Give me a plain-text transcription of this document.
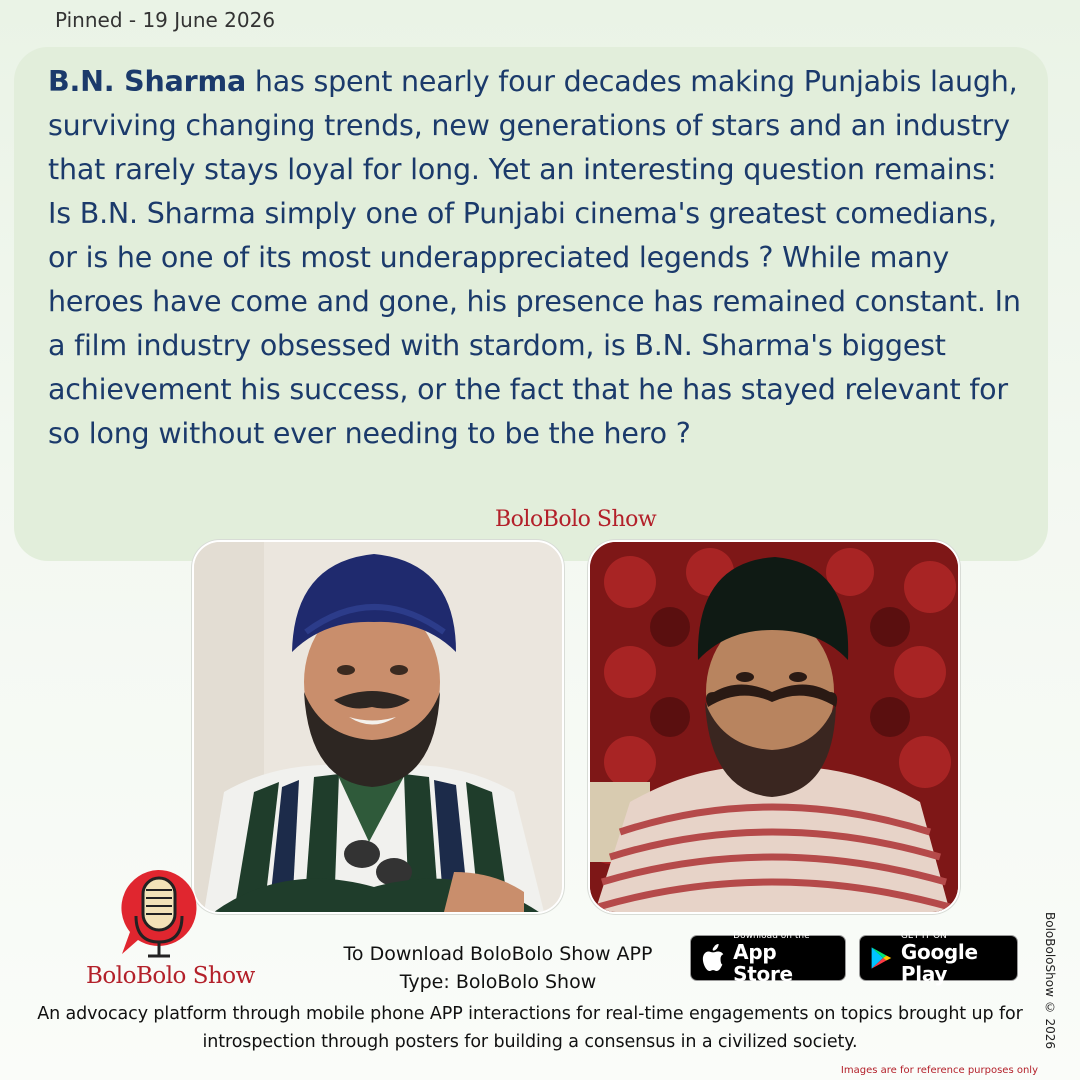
Pinned - 19 June 2026
B.N. Sharma has spent nearly four decades making Punjabis laugh, surviving changing trends, new generations of stars and an industry that rarely stays loyal for long. Yet an interesting question remains: Is B.N. Sharma simply one of Punjabi cinema's greatest comedians, or is he one of its most underappreciated legends ? While many heroes have come and gone, his presence has remained constant. In a film industry obsessed with stardom, is B.N. Sharma's biggest achievement his success, or the fact that he has stayed relevant for so long without ever needing to be the hero ?
BoloBolo Show
BoloBolo Show
To Download BoloBolo Show APP
Type: BoloBolo Show
Download on the
App Store
GET IT ON
Google Play
An advocacy platform through mobile phone APP interactions for real-time engagements on topics brought up for introspection through posters for building a consensus in a civilized society.	BoloBoloShow © 2026
Images are for reference purposes only
